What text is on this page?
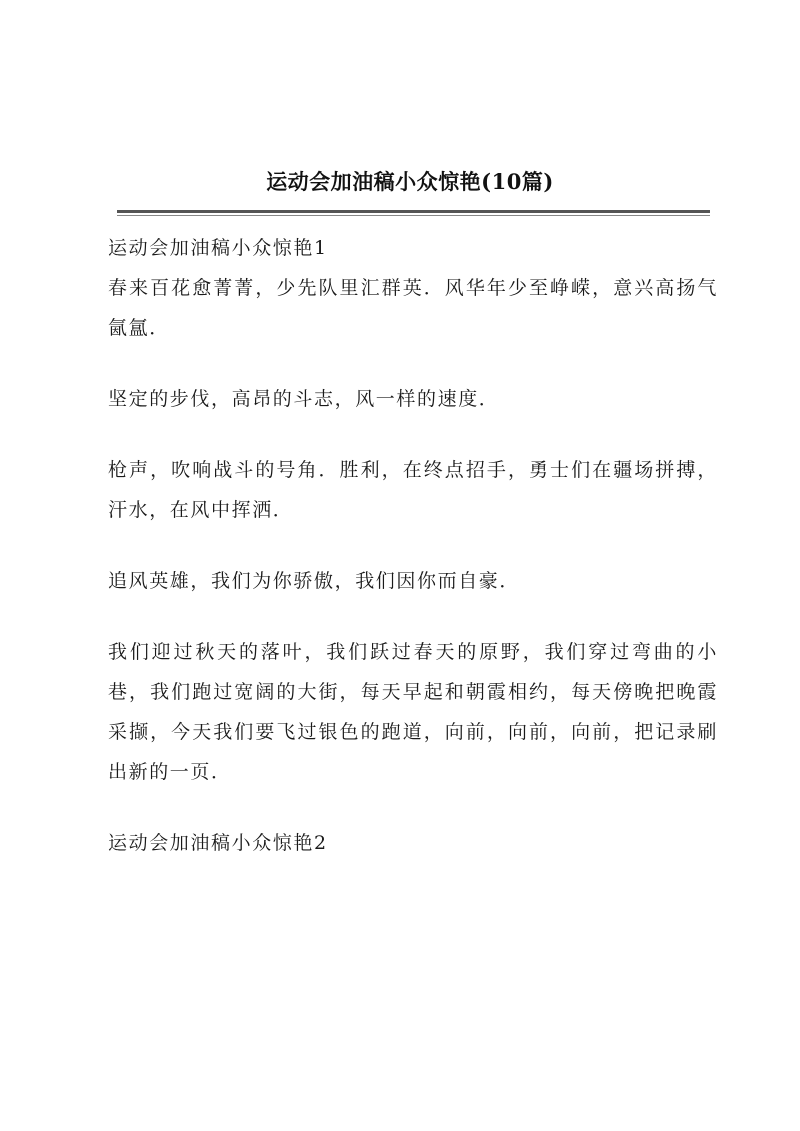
运动会加油稿小众惊艳(10篇)

运动会加油稿小众惊艳1

春来百花愈菁菁，少先队里汇群英．风华年少至峥嵘，意兴高扬气氤氲．

坚定的步伐，高昂的斗志，风一样的速度．

枪声，吹响战斗的号角．胜利，在终点招手，勇士们在疆场拼搏，汗水，在风中挥洒．

追风英雄，我们为你骄傲，我们因你而自豪．

我们迎过秋天的落叶，我们跃过春天的原野，我们穿过弯曲的小巷，我们跑过宽阔的大街，每天早起和朝霞相约，每天傍晚把晚霞采撷，今天我们要飞过银色的跑道，向前，向前，向前，把记录刷出新的一页．

运动会加油稿小众惊艳2
